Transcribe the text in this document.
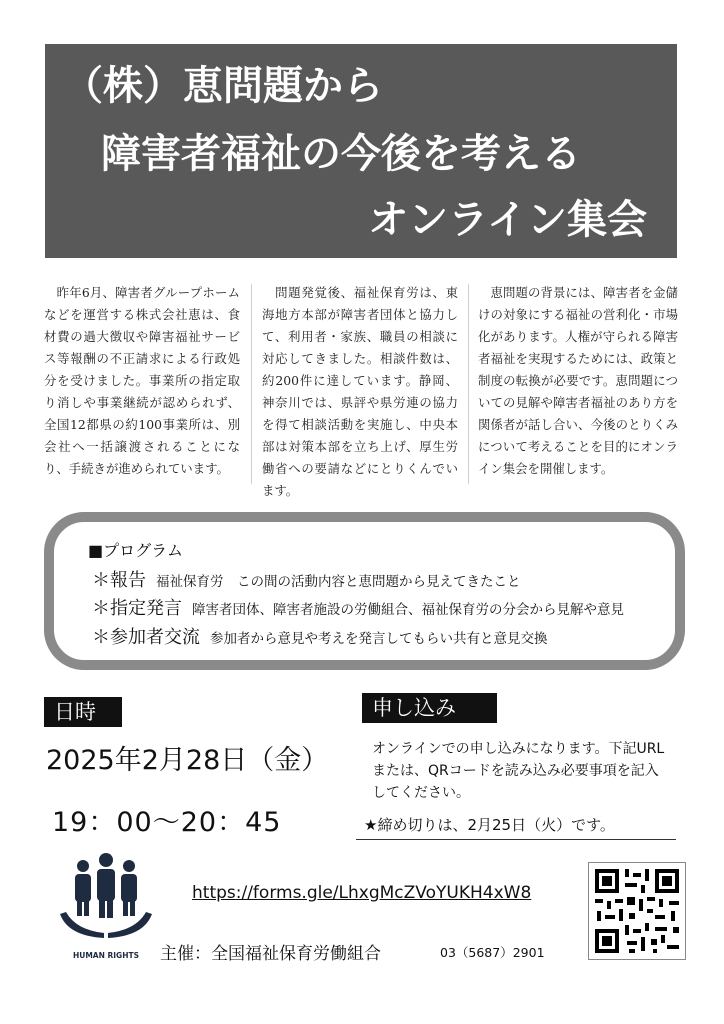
（株）恵問題から
障害者福祉の今後を考える
オンライン集会
　昨年6月、障害者グループホームなどを運営する株式会社恵は、食材費の過大徴収や障害福祉サービス等報酬の不正請求による行政処分を受けました。事業所の指定取り消しや事業継続が認められず、全国12都県の約100事業所は、別会社へ一括譲渡されることになり、手続きが進められています。
　問題発覚後、福祉保育労は、東海地方本部が障害者団体と協力して、利用者・家族、職員の相談に対応してきました。相談件数は、約200件に達しています。静岡、神奈川では、県評や県労連の協力を得て相談活動を実施し、中央本部は対策本部を立ち上げ、厚生労働省への要請などにとりくんでいます。
　恵問題の背景には、障害者を金儲けの対象にする福祉の営利化・市場化があります。人権が守られる障害者福祉を実現するためには、政策と制度の転換が必要です。恵問題についての見解や障害者福祉のあり方を関係者が話し合い、今後のとりくみについて考えることを目的にオンライン集会を開催します。
■プログラム
＊報告 福祉保育労　この間の活動内容と恵問題から見えてきたこと
＊指定発言 障害者団体、障害者施設の労働組合、福祉保育労の分会から見解や意見
＊参加者交流 参加者から意見や考えを発言してもらい共有と意見交換
日時
2025年2月28日（金）
19：00〜20：45
申し込み
オンラインでの申し込みになります。下記URLまたは、QRコードを読み込み必要事項を記入してください。
★締め切りは、2月25日（火）です。
HUMAN RIGHTS
https://forms.gle/LhxgMcZVoYUKH4xW8
主催：全国福祉保育労働組合	03（5687）2901
